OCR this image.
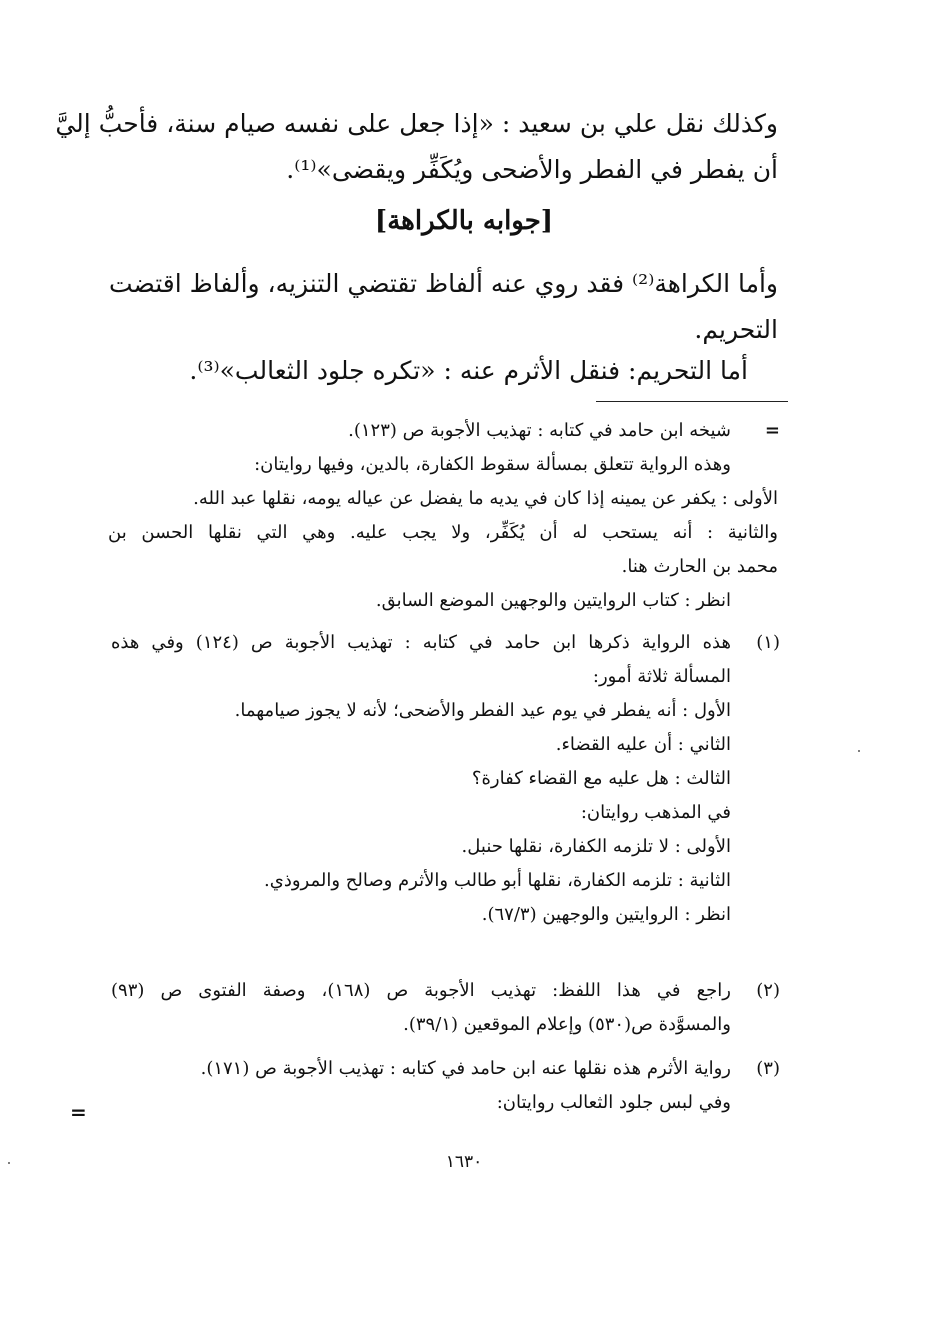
وكذلك نقل علي بن سعيد : «إذا جعل على نفسه صيام سنة، فأحبُّ إليَّ
أن يفطر في الفطر والأضحى ويُكَفِّر ويقضى»⁽¹⁾.
[جوابه بالكراهة]
وأما الكراهة⁽²⁾ فقد روي عنه ألفاظ تقتضي التنزيه، وألفاظ اقتضت
التحريم.
أما التحريم: فنقل الأثرم عنه : «تكره جلود الثعالب»⁽³⁾.
=
شيخه ابن حامد في كتابه : تهذيب الأجوبة ص (١٢٣).
وهذه الرواية تتعلق بمسألة سقوط الكفارة، بالدين، وفيها روايتان:
الأولى : يكفر عن يمينه إذا كان في يديه ما يفضل عن عياله يومه، نقلها عبد الله.
والثانية : أنه يستحب له أن يُكَفِّر، ولا يجب عليه. وهي التي نقلها الحسن بن
محمد بن الحارث هنا.
انظر : كتاب الروايتين والوجهين الموضع السابق.
(١)
هذه الرواية ذكرها ابن حامد في كتابه : تهذيب الأجوبة ص (١٢٤) وفي هذه
المسألة ثلاثة أمور:
الأول : أنه يفطر في يوم عيد الفطر والأضحى؛ لأنه لا يجوز صيامهما.
الثاني : أن عليه القضاء.
الثالث : هل عليه مع القضاء كفارة؟
في المذهب روايتان:
الأولى : لا تلزمه الكفارة، نقلها حنبل.
الثانية : تلزمه الكفارة، نقلها أبو طالب والأثرم وصالح والمروذي.
انظر : الروايتين والوجهين (٦٧/٣).
(٢)
راجع في هذا اللفظ: تهذيب الأجوبة ص (١٦٨)، وصفة الفتوى ص (٩٣)
والمسوَّدة ص(٥٣٠) وإعلام الموقعين (٣٩/١).
(٣)
رواية الأثرم هذه نقلها عنه ابن حامد في كتابه : تهذيب الأجوبة ص (١٧١).
وفي لبس جلود الثعالب روايتان:
=
١٦٣٠
